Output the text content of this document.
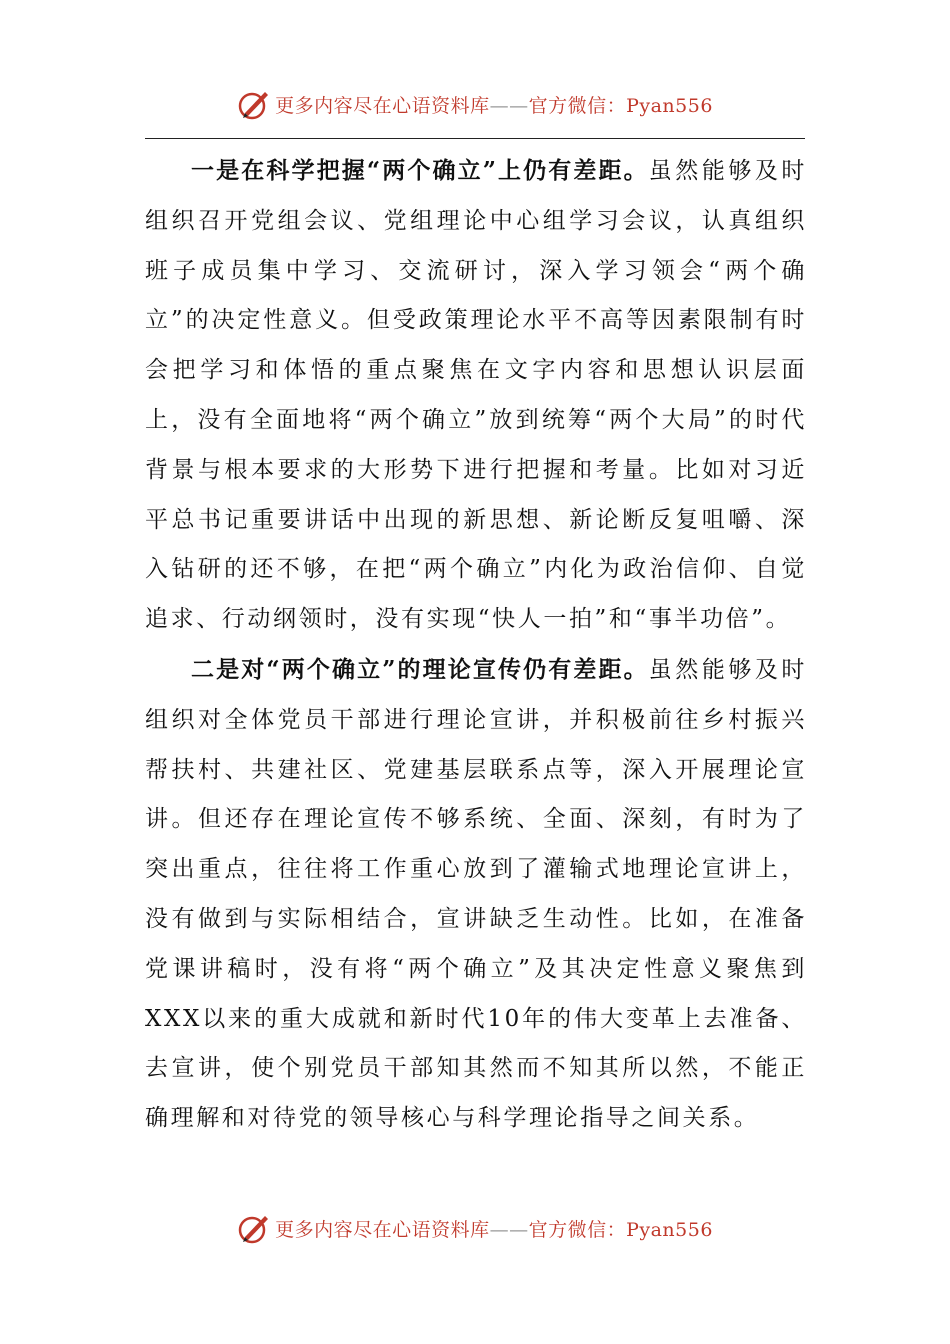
更多内容尽在心语资料库——官方微信：Pyan556

一是在科学把握“两个确立”上仍有差距。虽然能够及时组织召开党组会议、党组理论中心组学习会议，认真组织班子成员集中学习、交流研讨，深入学习领会“两个确立”的决定性意义。但受政策理论水平不高等因素限制有时会把学习和体悟的重点聚焦在文字内容和思想认识层面上，没有全面地将“两个确立”放到统筹“两个大局”的时代背景与根本要求的大形势下进行把握和考量。比如对习近平总书记重要讲话中出现的新思想、新论断反复咀嚼、深入钻研的还不够，在把“两个确立”内化为政治信仰、自觉追求、行动纲领时，没有实现“快人一拍”和“事半功倍”。

二是对“两个确立”的理论宣传仍有差距。虽然能够及时组织对全体党员干部进行理论宣讲，并积极前往乡村振兴帮扶村、共建社区、党建基层联系点等，深入开展理论宣讲。但还存在理论宣传不够系统、全面、深刻，有时为了突出重点，往往将工作重心放到了灌输式地理论宣讲上，没有做到与实际相结合，宣讲缺乏生动性。比如，在准备党课讲稿时，没有将“两个确立”及其决定性意义聚焦到XXX以来的重大成就和新时代10年的伟大变革上去准备、去宣讲，使个别党员干部知其然而不知其所以然，不能正确理解和对待党的领导核心与科学理论指导之间关系。

更多内容尽在心语资料库——官方微信：Pyan556
